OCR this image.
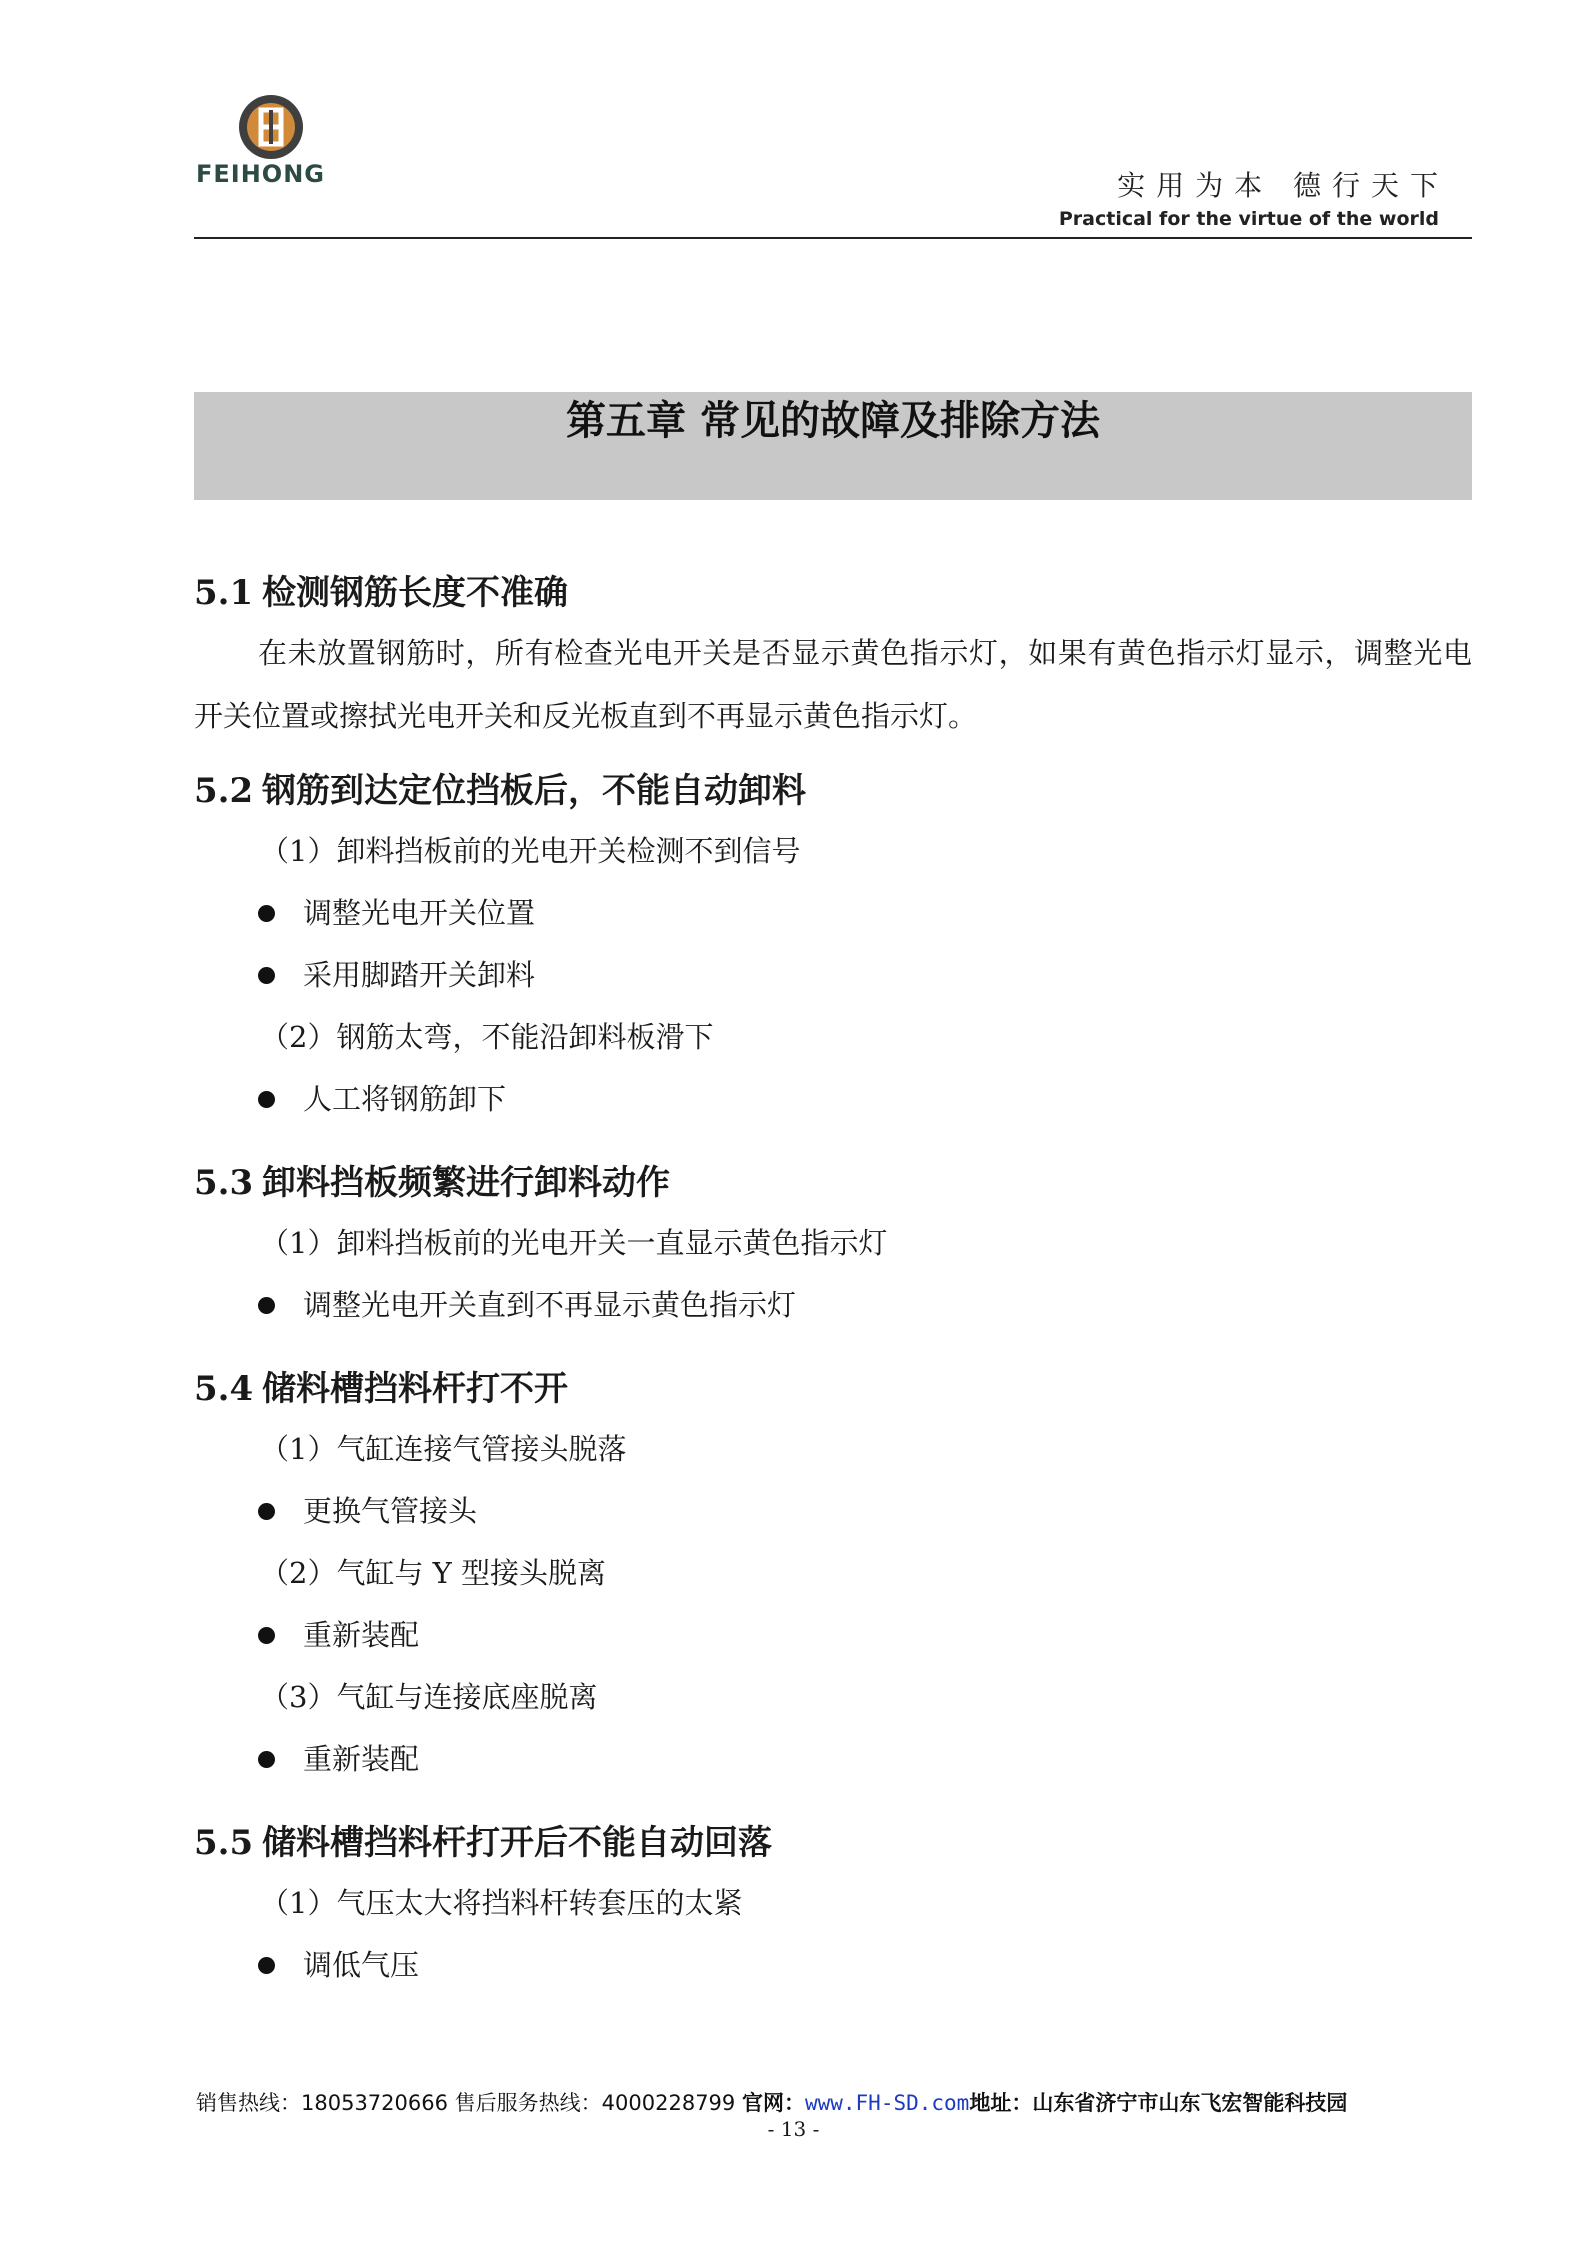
FEIHONG	实用为本 德行天下
Practical for the virtue of the world
第五章 常见的故障及排除方法
5.1 检测钢筋长度不准确

在未放置钢筋时，所有检查光电开关是否显示黄色指示灯，如果有黄色指示灯显示，调整光电开关位置或擦拭光电开关和反光板直到不再显示黄色指示灯。

5.2 钢筋到达定位挡板后，不能自动卸料
（1）卸料挡板前的光电开关检测不到信号
调整光电开关位置
采用脚踏开关卸料
（2）钢筋太弯，不能沿卸料板滑下
人工将钢筋卸下
5.3 卸料挡板频繁进行卸料动作
（1）卸料挡板前的光电开关一直显示黄色指示灯
调整光电开关直到不再显示黄色指示灯
5.4 储料槽挡料杆打不开
（1）气缸连接气管接头脱落
更换气管接头
（2）气缸与 Y 型接头脱离
重新装配
（3）气缸与连接底座脱离
重新装配
5.5 储料槽挡料杆打开后不能自动回落
（1）气压太大将挡料杆转套压的太紧
调低气压
销售热线：18053720666 售后服务热线：4000228799 官网：www.FH-SD.com地址：山东省济宁市山东飞宏智能科技园
- 13 -
